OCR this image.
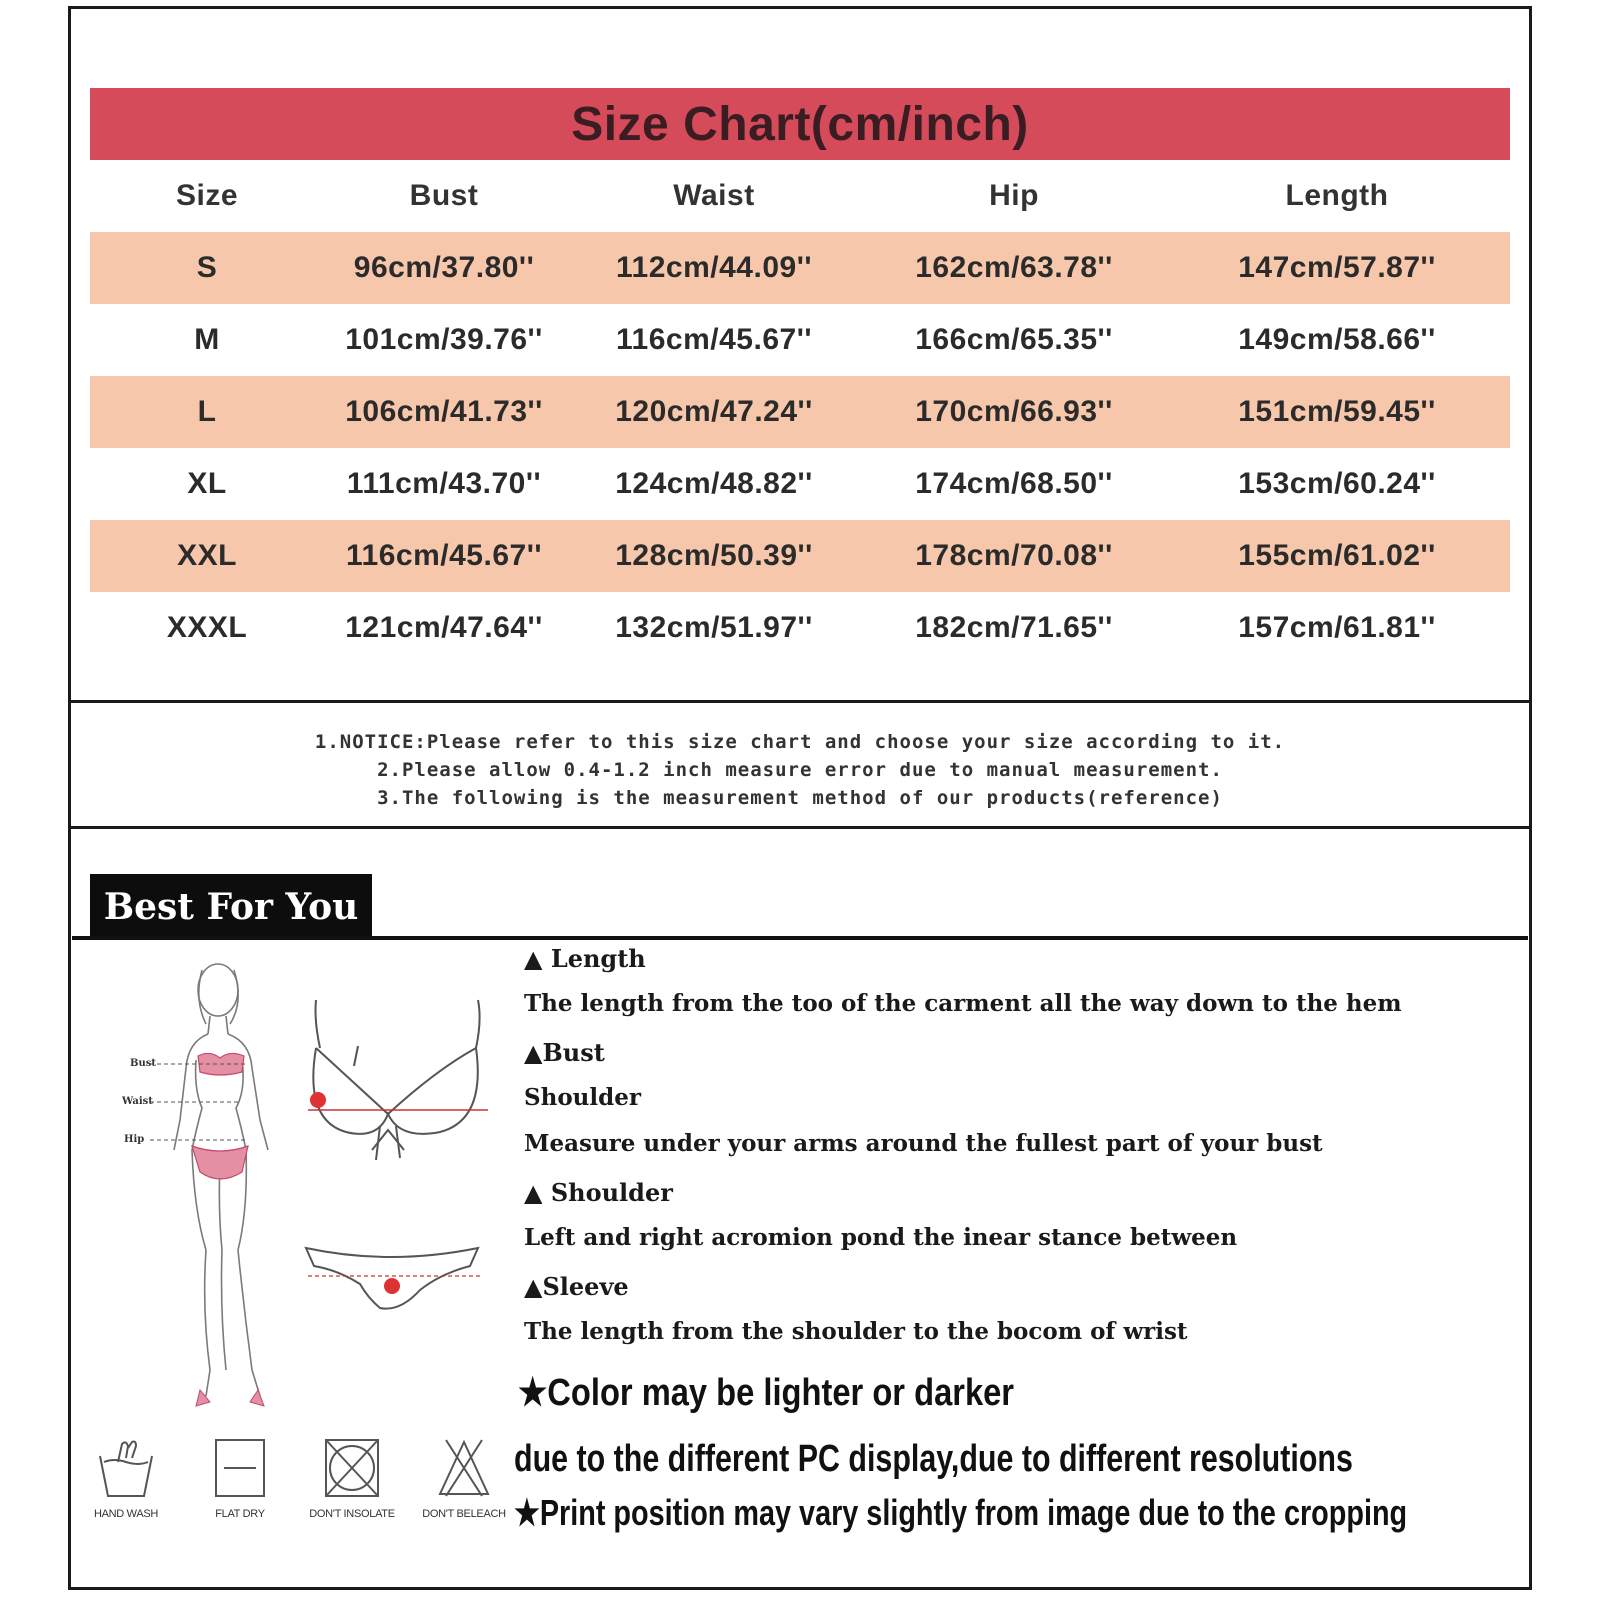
Size Chart(cm/inch)
Size	Bust	Waist	Hip	Length
S	96cm/37.80''	112cm/44.09''	162cm/63.78''	147cm/57.87''
M	101cm/39.76''	116cm/45.67''	166cm/65.35''	149cm/58.66''
L	106cm/41.73''	120cm/47.24''	170cm/66.93''	151cm/59.45''
XL	111cm/43.70''	124cm/48.82''	174cm/68.50''	153cm/60.24''
XXL	116cm/45.67''	128cm/50.39''	178cm/70.08''	155cm/61.02''
XXXL	121cm/47.64''	132cm/51.97''	182cm/71.65''	157cm/61.81''
1.NOTICE:Please refer to this size chart and choose your size according to it.
2.Please allow 0.4-1.2 inch measure error due to manual measurement.
3.The following is the measurement method of our products(reference)
Best For You
Bust
Waist
Hip
▲ Length
The length from the too of the carment all the way down to the hem
▲Bust
Shoulder
Measure under your arms around the fullest part of your bust
▲ Shoulder
Left and right acromion pond the inear stance between
▲Sleeve
The length from the shoulder to the bocom of wrist
★Color may be lighter or darker
due to the different PC display,due to different resolutions
★Print position may vary slightly from image due to the cropping
HAND WASH	FLAT DRY	DON'T INSOLATE	DON'T BELEACH
